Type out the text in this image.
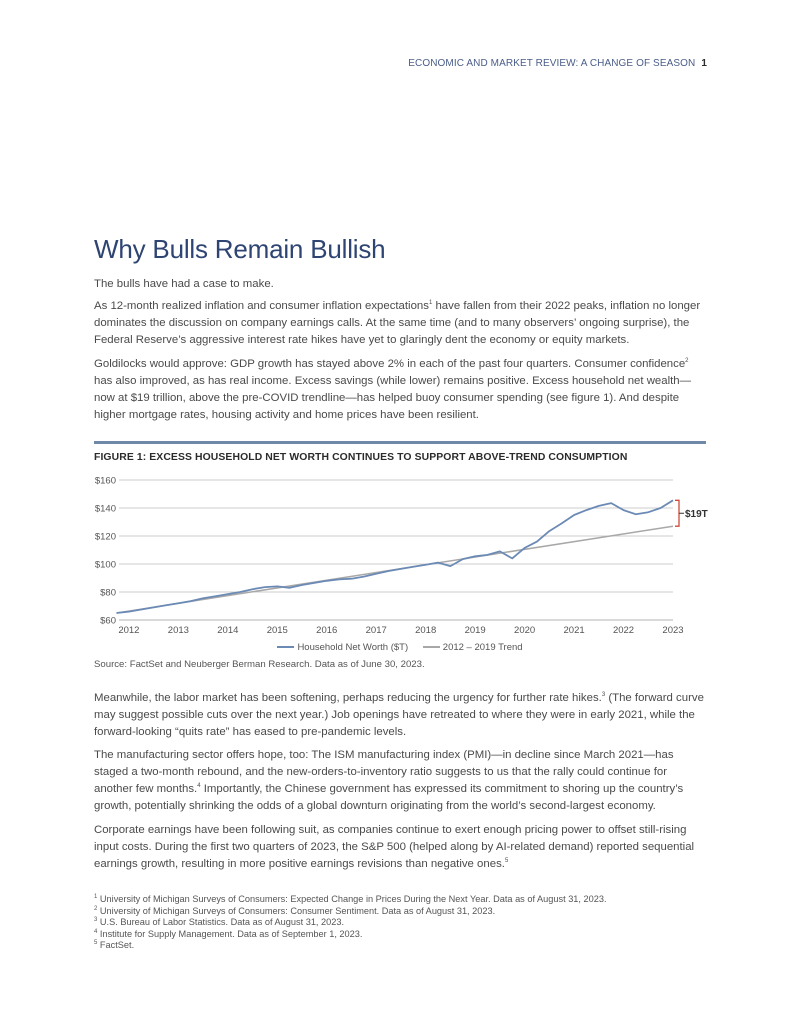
ECONOMIC AND MARKET REVIEW: A CHANGE OF SEASON 1
Why Bulls Remain Bullish

The bulls have had a case to make.

As 12-month realized inflation and consumer inflation expectations$^1$ have fallen from their 2022 peaks, inflation no longer dominates the discussion on company earnings calls. At the same time (and to many observers’ ongoing surprise), the Federal Reserve’s aggressive interest rate hikes have yet to glaringly dent the economy or equity markets.

Goldilocks would approve: GDP growth has stayed above 2% in each of the past four quarters. Consumer confidence$^2$ has also improved, as has real income. Excess savings (while lower) remains positive. Excess household net wealth—now at $19 trillion, above the pre-COVID trendline—has helped buoy consumer spending (see figure 1). And despite higher mortgage rates, housing activity and home prices have been resilient.

FIGURE 1: EXCESS HOUSEHOLD NET WORTH CONTINUES TO SUPPORT ABOVE-TREND CONSUMPTION
$60
$80
$100
$120
$140
$160
2012	2013	2014	2015	2016	2017	2018	2019	2020	2021	2022	2023
$19T
Household Net Worth ($T)	2012 – 2019 Trend
Source: FactSet and Neuberger Berman Research. Data as of June 30, 2023.

Meanwhile, the labor market has been softening, perhaps reducing the urgency for further rate hikes.$^3$ (The forward curve may suggest possible cuts over the next year.) Job openings have retreated to where they were in early 2021, while the forward-looking “quits rate” has eased to pre-pandemic levels.

The manufacturing sector offers hope, too: The ISM manufacturing index (PMI)—in decline since March 2021—has staged a two-month rebound, and the new-orders-to-inventory ratio suggests to us that the rally could continue for another few months.$^4$ Importantly, the Chinese government has expressed its commitment to shoring up the country’s growth, potentially shrinking the odds of a global downturn originating from the world’s second-largest economy.

Corporate earnings have been following suit, as companies continue to exert enough pricing power to offset still-rising input costs. During the first two quarters of 2023, the S&P 500 (helped along by AI-related demand) reported sequential earnings growth, resulting in more positive earnings revisions than negative ones.$^5$

$^1$ University of Michigan Surveys of Consumers: Expected Change in Prices During the Next Year. Data as of August 31, 2023.
$^2$ University of Michigan Surveys of Consumers: Consumer Sentiment. Data as of August 31, 2023.
$^3$ U.S. Bureau of Labor Statistics. Data as of August 31, 2023.
$^4$ Institute for Supply Management. Data as of September 1, 2023.
$^5$ FactSet.
